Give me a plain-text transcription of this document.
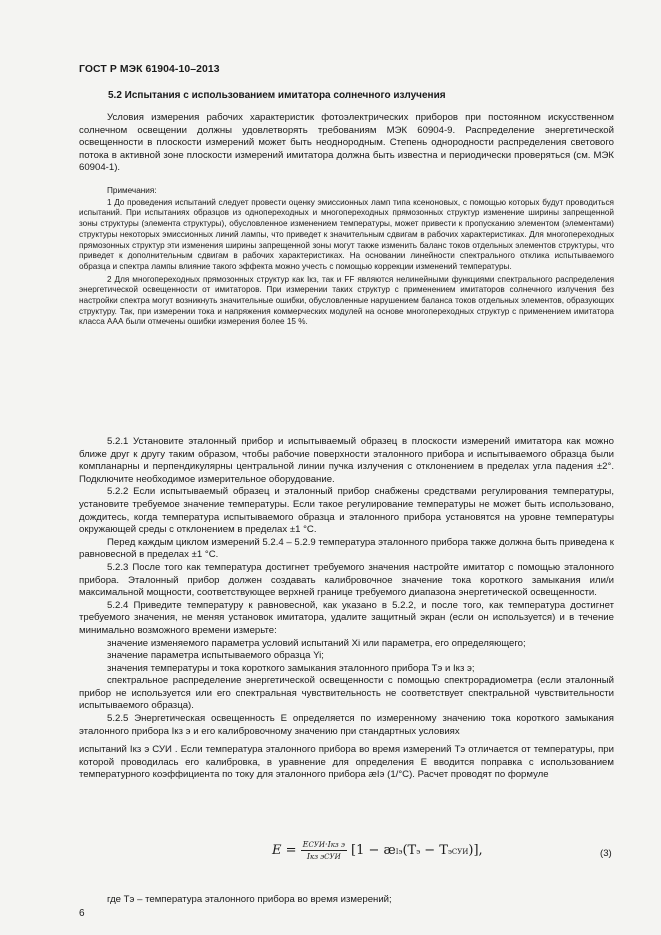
ГОСТ Р МЭК 61904-10–2013
5.2 Испытания с использованием имитатора солнечного излучения

Условия измерения рабочих характеристик фотоэлектрических приборов при постоянном искусственном солнечном освещении должны удовлетворять требованиям МЭК 60904-9. Распределение энергетической освещенности в плоскости измерений может быть неоднородным. Степень однородности распределения светового потока в активной зоне плоскости измерений имитатора должна быть известна и периодически проверяться (см. МЭК 60904-1).

Примечания:

1 До проведения испытаний следует провести оценку эмиссионных ламп типа ксеноновых, с помощью которых будут проводиться испытаний. При испытаниях образцов из однопереходных и многопереходных прямозонных структур изменение ширины запрещенной зоны структуры (элемента структуры), обусловленное изменением температуры, может привести к пропусканию элементом (элементами) структуры некоторых эмиссионных линий лампы, что приведет к значительным сдвигам в рабочих характеристиках. Для многопереходных прямозонных структур эти изменения ширины запрещенной зоны могут также изменить баланс токов отдельных элементов структуры, что приведет к дополнительным сдвигам в рабочих характеристиках. На основании линейности спектрального отклика испытываемого образца и спектра лампы влияние такого эффекта можно учесть с помощью коррекции изменений температуры.

2 Для многопереходных прямозонных структур как Iкз, так и FF являются нелинейными функциями спектрального распределения энергетической освещенности от имитаторов. При измерении таких структур с применением имитаторов солнечного излучения без настройки спектра могут возникнуть значительные ошибки, обусловленные нарушением баланса токов отдельных элементов, образующих структуру. Так, при измерении тока и напряжения коммерческих модулей на основе многопереходных структур с применением имитатора класса ААА были отмечены ошибки измерения более 15 %.

5.2.1 Установите эталонный прибор и испытываемый образец в плоскости измерений имитатора как можно ближе друг к другу таким образом, чтобы рабочие поверхности эталонного прибора и испытываемого образца были компланарны и перпендикулярны центральной линии пучка излучения с отклонением в пределах угла падения ±2°. Подключите необходимое измерительное оборудование.

5.2.2 Если испытываемый образец и эталонный прибор снабжены средствами регулирования температуры, установите требуемое значение температуры. Если такое регулирование температуры не может быть использовано, дождитесь, когда температура испытываемого образца и эталонного прибора установятся на уровне температуры окружающей среды с отклонением в пределах ±1 °С.

Перед каждым циклом измерений 5.2.4 – 5.2.9 температура эталонного прибора также должна быть приведена к равновесной в пределах ±1 °С.

5.2.3 После того как температура достигнет требуемого значения настройте имитатор с помощью эталонного прибора. Эталонный прибор должен создавать калибровочное значение тока короткого замыкания или/и максимальной мощности, соответствующее верхней границе требуемого диапазона энергетической освещенности.

5.2.4 Приведите температуру к равновесной, как указано в 5.2.2, и после того, как температура достигнет требуемого значения, не меняя установок имитатора, удалите защитный экран (если он используется) и в течение минимально возможного времени измерьте:

значение изменяемого параметра условий испытаний Xi или параметра, его определяющего;

значение параметра испытываемого образца Yi;

значения температуры и тока короткого замыкания эталонного прибора Tэ и Iкз э;

спектральное распределение энергетической освещенности с помощью спектрорадиометра (если эталонный прибор не используется или его спектральная чувствительность не соответствует спектральной чувствительности испытываемого образца).

5.2.5 Энергетическая освещенность E определяется по измеренному значению тока короткого замыкания эталонного прибора Iкз э и его калибровочному значению при стандартных условиях

испытаний Iкз э СУИ . Если температура эталонного прибора во время измерений Tэ отличается от температуры, при которой проводилась его калибровка, в уравнение для определения E вводится поправка с использованием температурного коэффициента по току для эталонного прибора æIэ (1/°С). Расчет проводят по формуле

$E = \frac{\text{EСУИ·Iкз э}}{\text{Iкз эСУИ}} [1$ − æIэ(Tэ − TэСУИ)],	(3)
где Tэ – температура эталонного прибора во время измерений;
6
